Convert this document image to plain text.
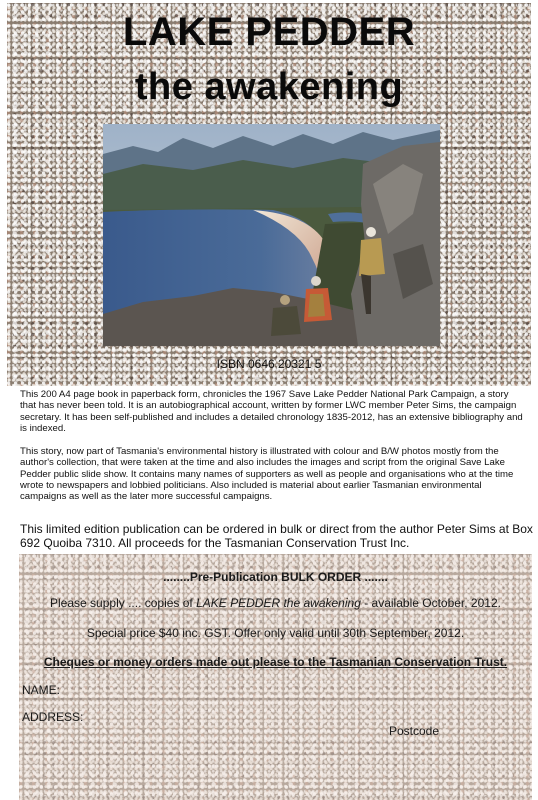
LAKE PEDDER
the awakening
ISBN 0646 20321 5

This 200 A4 page book in paperback form, chronicles the 1967 Save Lake Pedder National Park Campaign, a story that has never been told. It is an autobiographical account, written by former LWC member Peter Sims, the campaign secretary. It has been self-published and includes a detailed chronology 1835-2012, has an extensive bibliography and is indexed.

This story, now part of Tasmania's environmental history is illustrated with colour and B/W photos mostly from the author's collection, that were taken at the time and also includes the images and script from the original Save Lake Pedder public slide show. It contains many names of supporters as well as people and organisations who at the time wrote to newspapers and lobbied politicians. Also included is material about earlier Tasmanian environmental campaigns as well as the later more successful campaigns.

This limited edition publication can be ordered in bulk or direct from the author Peter Sims at Box 692 Quoiba 7310. All proceeds for the Tasmanian Conservation Trust Inc.

........Pre-Publication BULK ORDER .......
Please supply .... copies of LAKE PEDDER the awakening - available October, 2012.
Special price $40 inc. GST. Offer only valid until 30th September, 2012.
Cheques or money orders made out please to the Tasmanian Conservation Trust.
NAME:
ADDRESS:
Postcode
